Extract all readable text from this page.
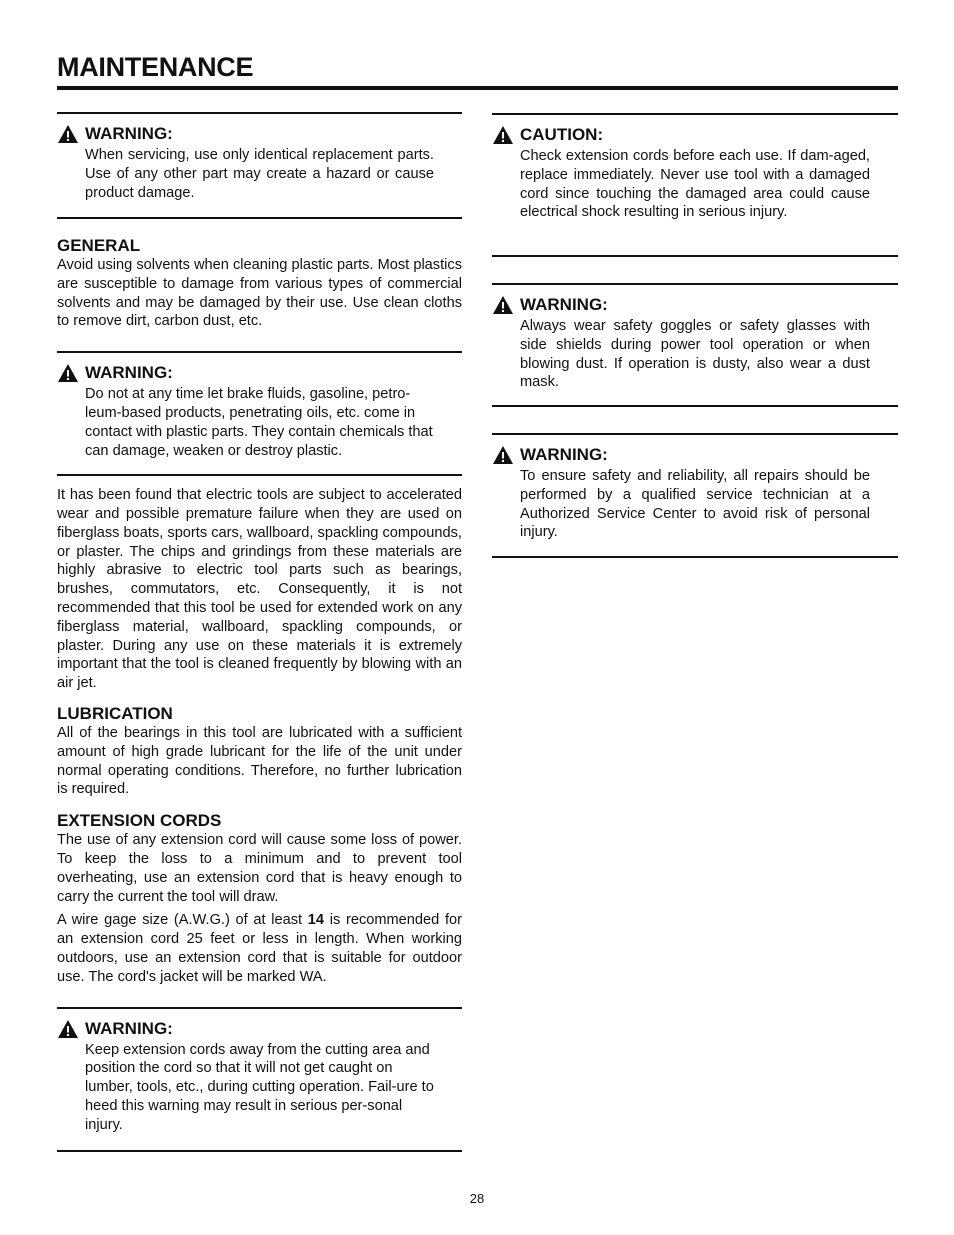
MAINTENANCE
WARNING:

When servicing, use only identical replacement parts. Use of any other part may create a hazard or cause product damage.

GENERAL

Avoid using solvents when cleaning plastic parts. Most plastics are susceptible to damage from various types of commercial solvents and may be damaged by their use. Use clean cloths to remove dirt, carbon dust, etc.

WARNING:

Do not at any time let brake fluids, gasoline, petro-leum-based products, penetrating oils, etc. come in contact with plastic parts. They contain chemicals that can damage, weaken or destroy plastic.

It has been found that electric tools are subject to accelerated wear and possible premature failure when they are used on fiberglass boats, sports cars, wallboard, spackling compounds, or plaster. The chips and grindings from these materials are highly abrasive to electric tool parts such as bearings, brushes, commutators, etc. Consequently, it is not recommended that this tool be used for extended work on any fiberglass material, wallboard, spackling compounds, or plaster. During any use on these materials it is extremely important that the tool is cleaned frequently by blowing with an air jet.

LUBRICATION

All of the bearings in this tool are lubricated with a sufficient amount of high grade lubricant for the life of the unit under normal operating conditions. Therefore, no further lubrication is required.

EXTENSION CORDS

The use of any extension cord will cause some loss of power. To keep the loss to a minimum and to prevent tool overheating, use an extension cord that is heavy enough to carry the current the tool will draw.

A wire gage size (A.W.G.) of at least 14 is recommended for an extension cord 25 feet or less in length. When working outdoors, use an extension cord that is suitable for outdoor use. The cord's jacket will be marked WA.

WARNING:

Keep extension cords away from the cutting area and position the cord so that it will not get caught on lumber, tools, etc., during cutting operation. Fail-ure to heed this warning may result in serious per-sonal injury.

CAUTION:

Check extension cords before each use. If dam-aged, replace immediately. Never use tool with a damaged cord since touching the damaged area could cause electrical shock resulting in serious injury.

WARNING:

Always wear safety goggles or safety glasses with side shields during power tool operation or when blowing dust. If operation is dusty, also wear a dust mask.

WARNING:

To ensure safety and reliability, all repairs should be performed by a qualified service technician at a Authorized Service Center to avoid risk of personal injury.

28
